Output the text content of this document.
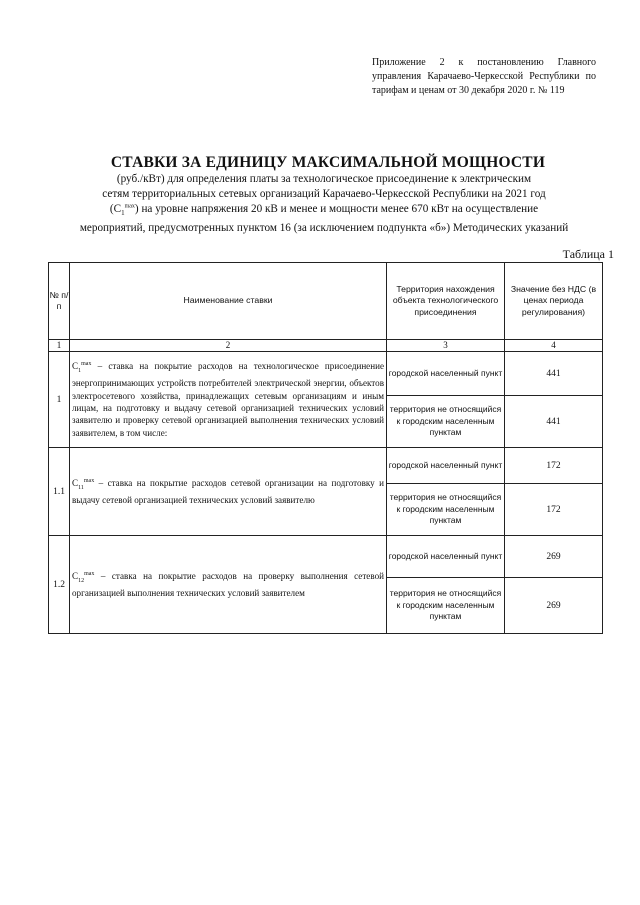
Приложение 2 к постановлению Главного управления Карачаево-Черкесской Республики по тарифам и ценам от 30 декабря 2020 г. № 119
СТАВКИ ЗА ЕДИНИЦУ МАКСИМАЛЬНОЙ МОЩНОСТИ
(руб./кВт) для определения платы за технологическое присоединение к электрическим
сетям территориальных сетевых организаций Карачаево-Черкесской Республики на 2021 год
$(C_1^{max})$ на уровне напряжения 20 кВ и менее и мощности менее 670 кВт на осуществление
мероприятий, предусмотренных пунктом 16 (за исключением подпункта «б») Методических указаний
Таблица 1
№ п/п	Наименование ставки	Территория нахождения объекта технологического присоединения	Значение без НДС (в ценах периода регулирования)
1	2	3	4
1	$C_1^{max}$ – ставка на покрытие расходов на технологическое присоединение энергопринимающих устройств потребителей электрической энергии, объектов электросетевого хозяйства, принадлежащих сетевым организациям и иным лицам, на подготовку и выдачу сетевой организацией технических условий заявителю и проверку сетевой организацией выполнения технических условий заявителем, в том числе:	городской населенный пункт	441
		территория не относящийся к городским населенным пунктам	441
1.1	$C_{11}^{max}$ – ставка на покрытие расходов сетевой организации на подготовку и выдачу сетевой организацией технических условий заявителю	городской населенный пункт	172
		территория не относящийся к городским населенным пунктам	172
1.2	$C_{12}^{max}$ – ставка на покрытие расходов на проверку выполнения сетевой организацией выполнения технических условий заявителем	городской населенный пункт	269
		территория не относящийся к городским населенным пунктам	269
